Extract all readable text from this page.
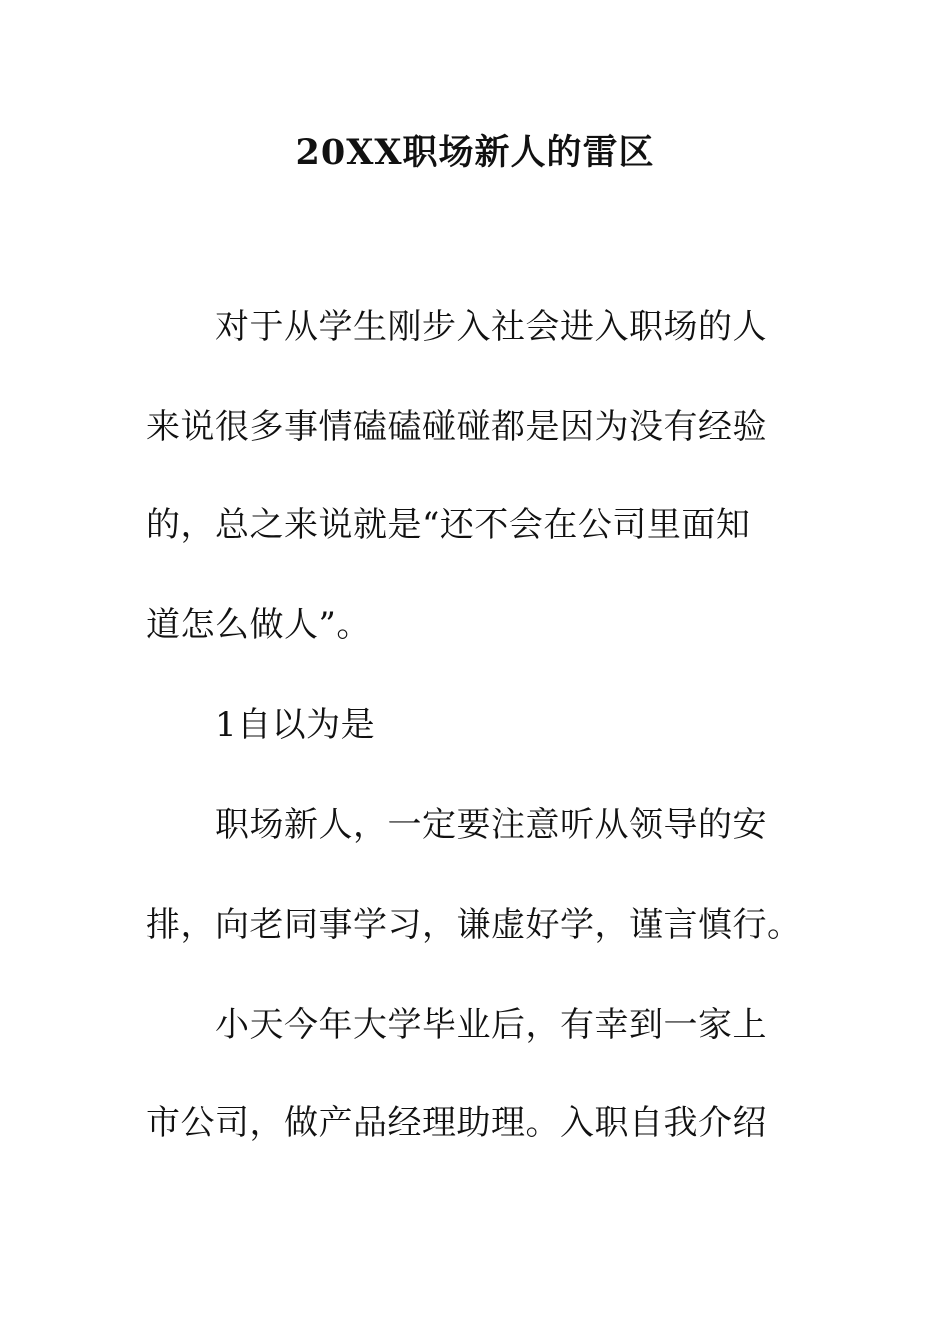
20XX职场新人的雷区
对于从学生刚步入社会进入职场的人
来说很多事情磕磕碰碰都是因为没有经验
的，总之来说就是“还不会在公司里面知
道怎么做人”。
1自以为是
职场新人，一定要注意听从领导的安
排，向老同事学习，谦虚好学，谨言慎行。
小天今年大学毕业后，有幸到一家上
市公司，做产品经理助理。入职自我介绍
